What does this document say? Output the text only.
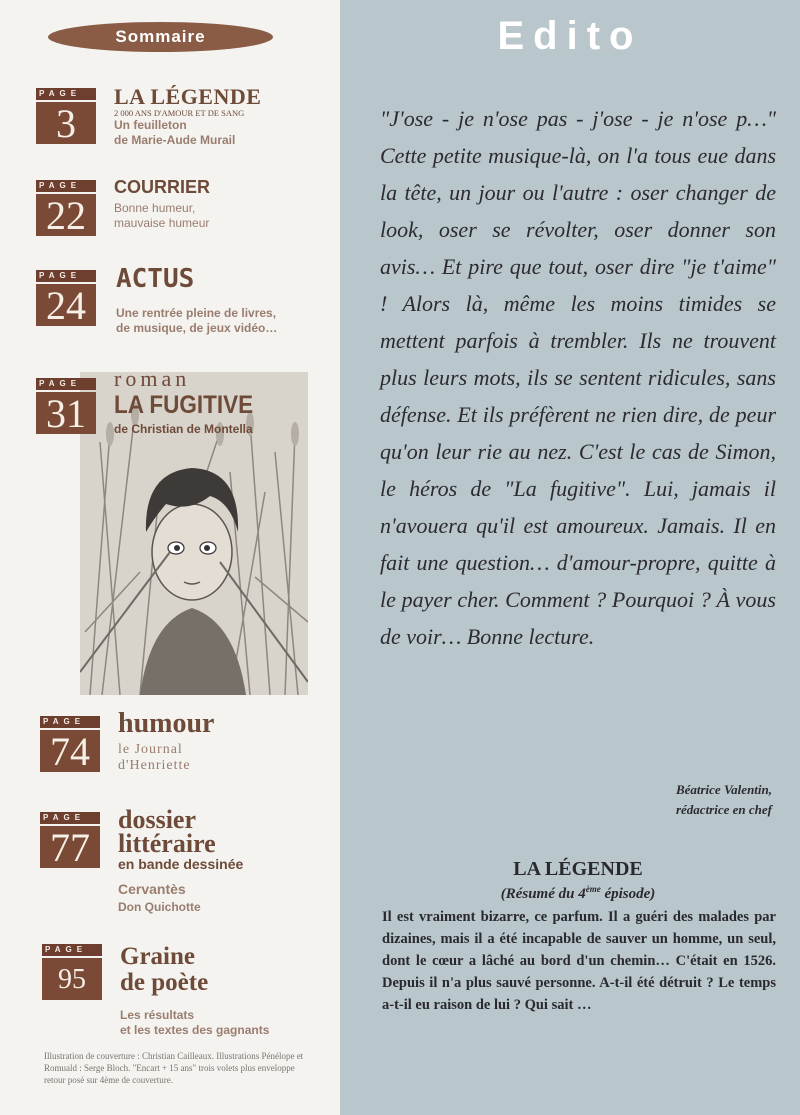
Sommaire
PAGE
3
LA LÉGENDE
2 000 ANS D'AMOUR ET DE SANG
Un feuilleton
de Marie-Aude Murail
PAGE
22
COURRIER
Bonne humeur,
mauvaise humeur
PAGE
24
ACTUS
Une rentrée pleine de livres,
de musique, de jeux vidéo…
PAGE
31
roman
LA FUGITIVE
de Christian de Montella
PAGE
74
humour
le Journal
d'Henriette
PAGE
77
dossier
littéraire
en bande dessinée
Cervantès
Don Quichotte
PAGE
95
Graine
de poète
Les résultats
et les textes des gagnants
Illustration de couverture : Christian Cailleaux. Illustrations Pénélope et Romuald : Serge Bloch. "Encart + 15 ans" trois volets plus enveloppe retour posé sur 4ème de couverture.
Edito

"J'ose - je n'ose pas - j'ose - je n'ose p…" Cette petite musique-là, on l'a tous eue dans la tête, un jour ou l'autre : oser changer de look, oser se révolter, oser donner son avis… Et pire que tout, oser dire "je t'aime" ! Alors là, même les moins timides se mettent parfois à trembler. Ils ne trouvent plus leurs mots, ils se sentent ridicules, sans défense. Et ils préfèrent ne rien dire, de peur qu'on leur rie au nez. C'est le cas de Simon, le héros de "La fugitive". Lui, jamais il n'avouera qu'il est amoureux. Jamais. Il en fait une question… d'amour-propre, quitte à le payer cher. Comment ? Pourquoi ? À vous de voir… Bonne lecture.

Béatrice Valentin,
rédactrice en chef
LA LÉGENDE
(Résumé du 4ème épisode)

Il est vraiment bizarre, ce parfum. Il a guéri des malades par dizaines, mais il a été incapable de sauver un homme, un seul, dont le cœur a lâché au bord d'un chemin… C'était en 1526. Depuis il n'a plus sauvé personne. A-t-il été détruit ? Le temps a-t-il eu raison de lui ? Qui sait …
